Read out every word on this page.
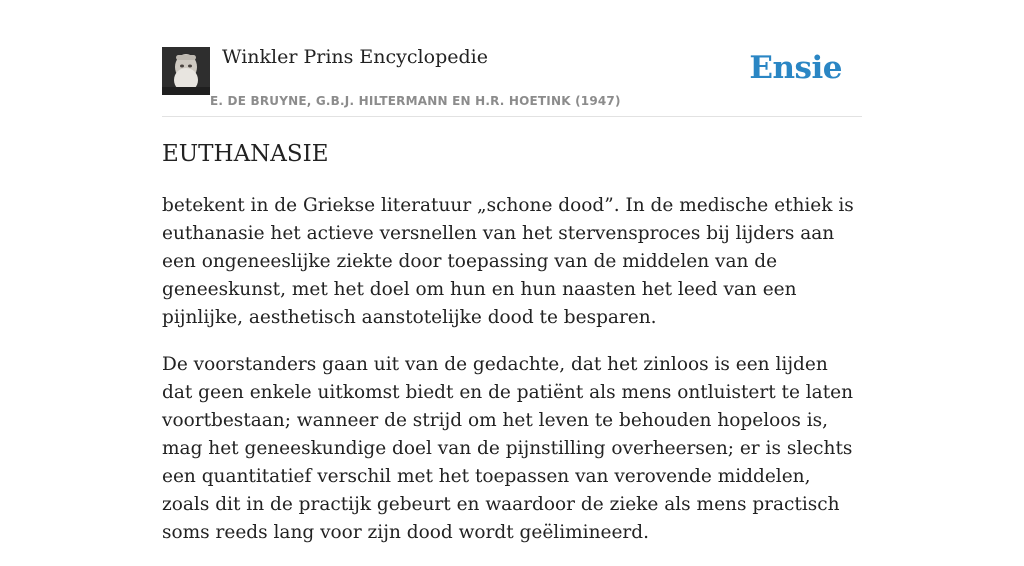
Winkler Prins Encyclopedie
E. DE BRUYNE, G.B.J. HILTERMANN EN H.R. HOETINK (1947)
Ensie
EUTHANASIE

betekent in de Griekse literatuur „schone dood”. In de medische ethiek is euthanasie het actieve versnellen van het stervensproces bij lijders aan een ongeneeslijke ziekte door toepassing van de middelen van de geneeskunst, met het doel om hun en hun naasten het leed van een pijnlijke, aesthetisch aanstotelijke dood te besparen.

De voorstanders gaan uit van de gedachte, dat het zinloos is een lijden dat geen enkele uitkomst biedt en de patiënt als mens ontluistert te laten voortbestaan; wanneer de strijd om het leven te behouden hopeloos is, mag het geneeskundige doel van de pijnstilling overheersen; er is slechts een quantitatief verschil met het toepassen van verovende middelen, zoals dit in de practijk gebeurt en waardoor de zieke als mens practisch soms reeds lang voor zijn dood wordt geëlimineerd.
